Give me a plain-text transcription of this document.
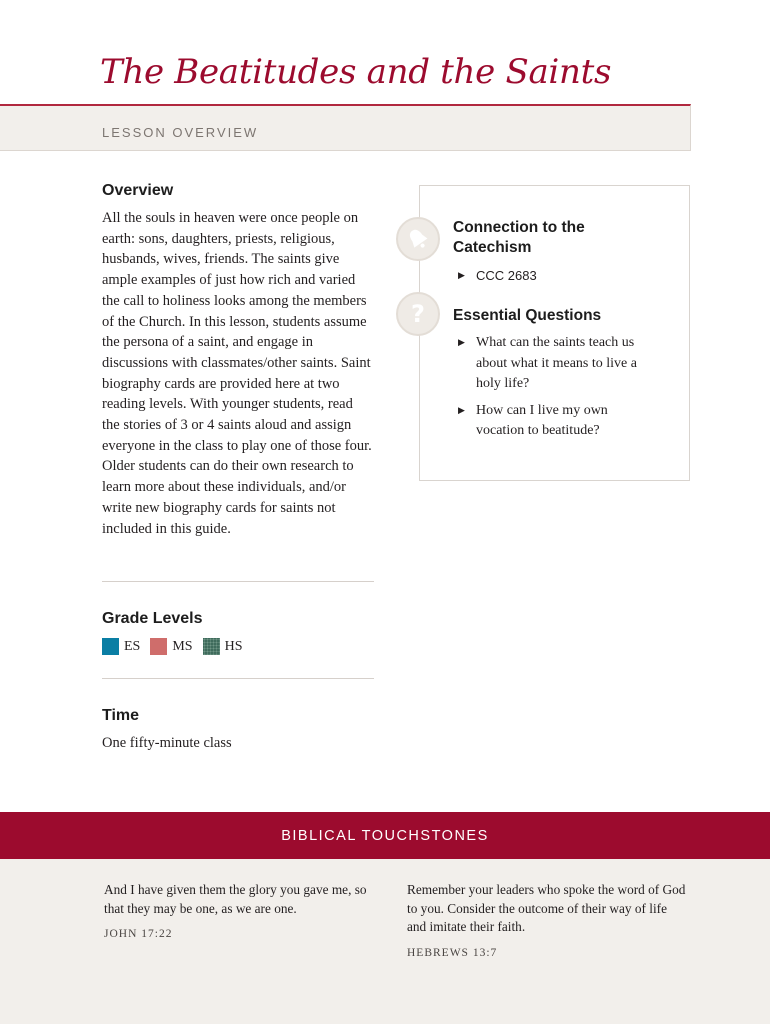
The Beatitudes and the Saints
LESSON OVERVIEW
Overview

All the souls in heaven were once people on earth: sons, daughters, priests, religious, husbands, wives, friends. The saints give ample examples of just how rich and varied the call to holiness looks among the members of the Church. In this lesson, students assume the persona of a saint, and engage in discussions with classmates/other saints. Saint biography cards are provided here at two reading levels. With younger students, read the stories of 3 or 4 saints aloud and assign everyone in the class to play one of those four. Older students can do their own research to learn more about these individuals, and/or write new biography cards for saints not included in this guide.

Grade Levels
ES MS HS
Time
One fifty-minute class
Connection to the Catechism
▶ CCC 2683
?	Essential Questions
▶ What can the saints teach us about what it means to live a holy life?
▶ How can I live my own vocation to beatitude?
BIBLICAL TOUCHSTONES

And I have given them the glory you gave me, so that they may be one, as we are one.

JOHN 17:22

Remember your leaders who spoke the word of God to you. Consider the outcome of their way of life and imitate their faith.

HEBREWS 13:7
